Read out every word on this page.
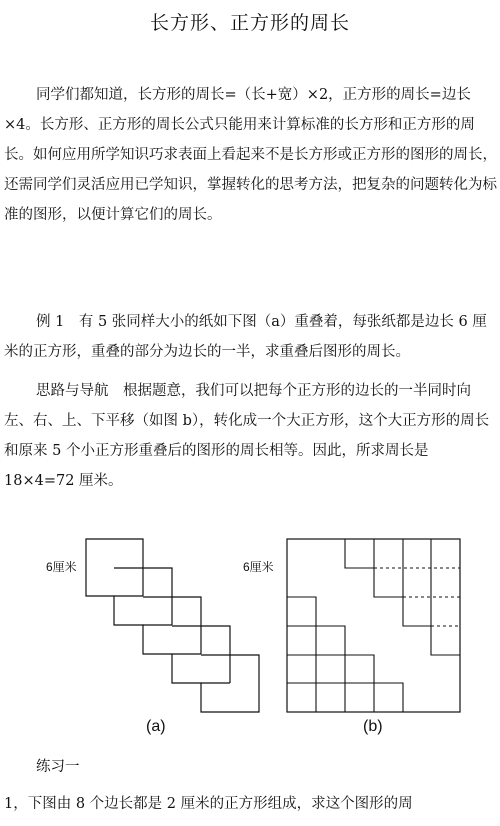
长方形、正方形的周长

同学们都知道，长方形的周长=（长+宽）×2，正方形的周长=边长×4。长方形、正方形的周长公式只能用来计算标准的长方形和正方形的周长。如何应用所学知识巧求表面上看起来不是长方形或正方形的图形的周长，还需同学们灵活应用已学知识，掌握转化的思考方法，把复杂的问题转化为标准的图形，以便计算它们的周长。

例 1　有 5 张同样大小的纸如下图（a）重叠着，每张纸都是边长 6 厘米的正方形，重叠的部分为边长的一半，求重叠后图形的周长。

思路与导航　根据题意，我们可以把每个正方形的边长的一半同时向左、右、上、下平移（如图 b），转化成一个大正方形，这个大正方形的周长和原来 5 个小正方形重叠后的图形的周长相等。因此，所求周长是 18×4=72 厘米。

6厘米	6厘米
(a)	(b)
练习一
1，下图由 8 个边长都是 2 厘米的正方形组成，求这个图形的周
